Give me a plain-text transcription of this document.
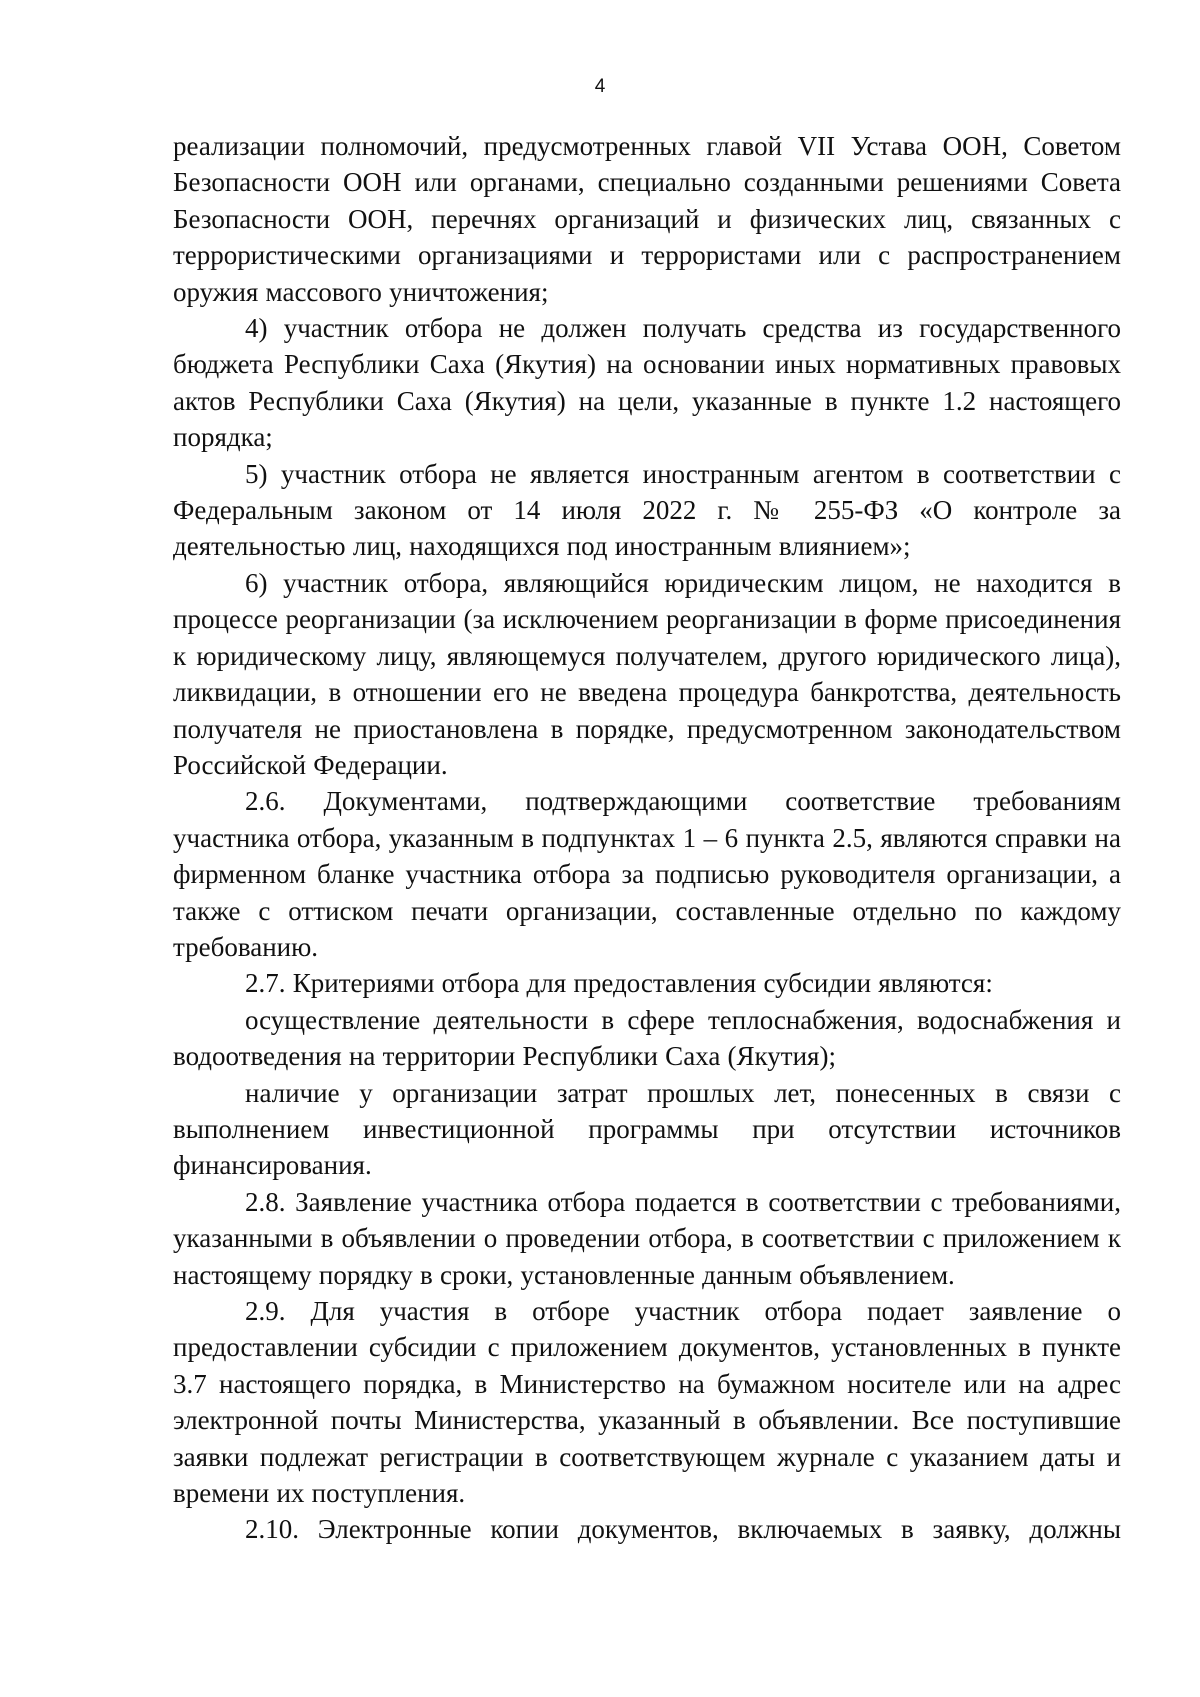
4

реализации полномочий, предусмотренных главой VII Устава ООН, Советом Безопасности ООН или органами, специально созданными решениями Совета Безопасности ООН, перечнях организаций и физических лиц, связанных с террористическими организациями и террористами или с распространением оружия массового уничтожения;

4) участник отбора не должен получать средства из государственного бюджета Республики Саха (Якутия) на основании иных нормативных правовых актов Республики Саха (Якутия) на цели, указанные в пункте 1.2 настоящего порядка;

5) участник отбора не является иностранным агентом в соответствии с Федеральным законом от 14 июля 2022 г. № 255-ФЗ «О контроле за деятельностью лиц, находящихся под иностранным влиянием»;

6) участник отбора, являющийся юридическим лицом, не находится в процессе реорганизации (за исключением реорганизации в форме присоединения к юридическому лицу, являющемуся получателем, другого юридического лица), ликвидации, в отношении его не введена процедура банкротства, деятельность получателя не приостановлена в порядке, предусмотренном законодательством Российской Федерации.

2.6. Документами, подтверждающими соответствие требованиям участника отбора, указанным в подпунктах 1 – 6 пункта 2.5, являются справки на фирменном бланке участника отбора за подписью руководителя организации, а также с оттиском печати организации, составленные отдельно по каждому требованию.

2.7. Критериями отбора для предоставления субсидии являются:

осуществление деятельности в сфере теплоснабжения, водоснабжения и водоотведения на территории Республики Саха (Якутия);

наличие у организации затрат прошлых лет, понесенных в связи с выполнением инвестиционной программы при отсутствии источников финансирования.

2.8. Заявление участника отбора подается в соответствии с требованиями, указанными в объявлении о проведении отбора, в соответствии с приложением к настоящему порядку в сроки, установленные данным объявлением.

2.9. Для участия в отборе участник отбора подает заявление о предоставлении субсидии с приложением документов, установленных в пункте 3.7 настоящего порядка, в Министерство на бумажном носителе или на адрес электронной почты Министерства, указанный в объявлении. Все поступившие заявки подлежат регистрации в соответствующем журнале с указанием даты и времени их поступления.

2.10. Электронные копии документов, включаемых в заявку, должны
